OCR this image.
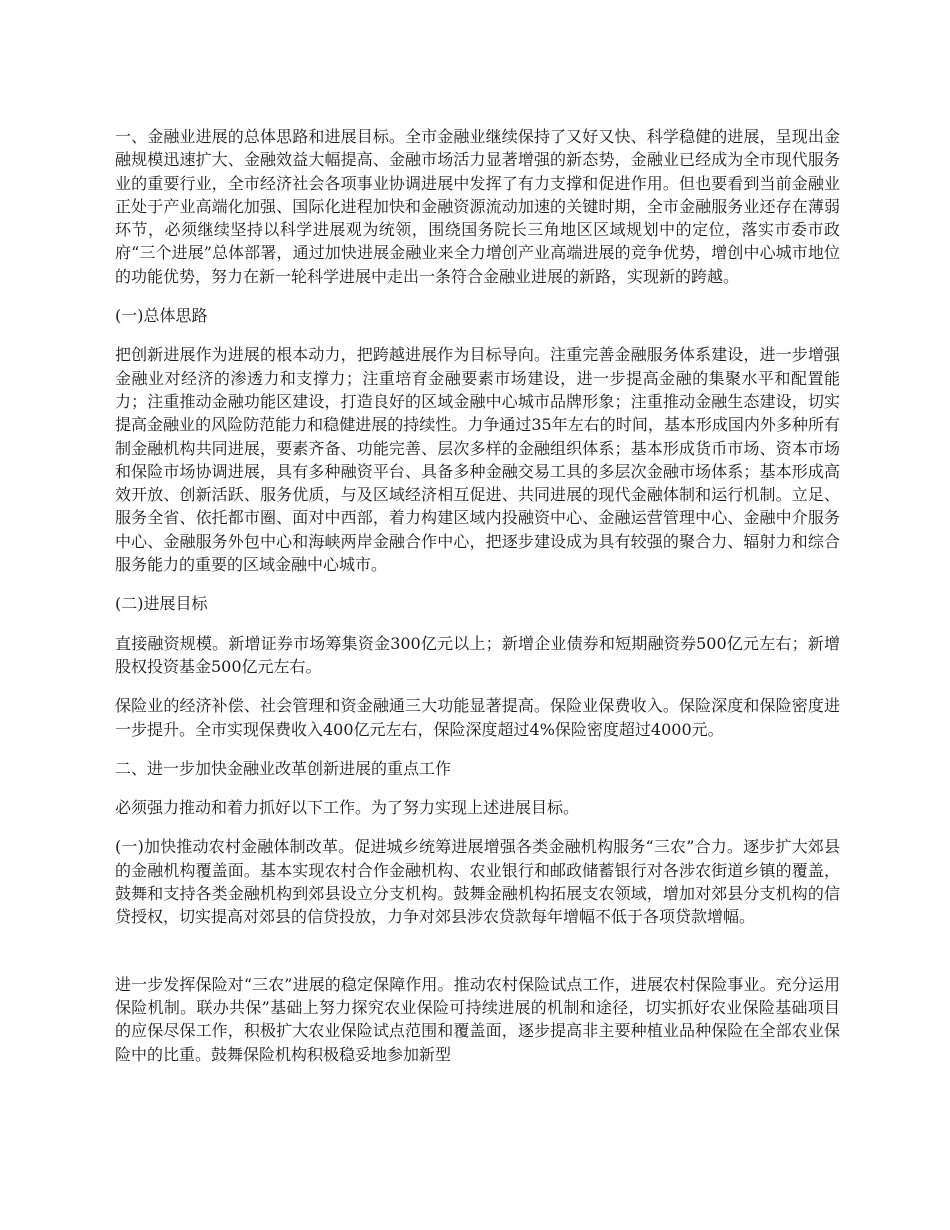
一、金融业进展的总体思路和进展目标。全市金融业继续保持了又好又快、科学稳健的进展，呈现出金融规模迅速扩大、金融效益大幅提高、金融市场活力显著增强的新态势，金融业已经成为全市现代服务业的重要行业，全市经济社会各项事业协调进展中发挥了有力支撑和促进作用。但也要看到当前金融业正处于产业高端化加强、国际化进程加快和金融资源流动加速的关键时期，全市金融服务业还存在薄弱环节，必须继续坚持以科学进展观为统领，围绕国务院长三角地区区域规划中的定位，落实市委市政府“三个进展”总体部署，通过加快进展金融业来全力增创产业高端进展的竞争优势，增创中心城市地位的功能优势，努力在新一轮科学进展中走出一条符合金融业进展的新路，实现新的跨越。

(一)总体思路

把创新进展作为进展的根本动力，把跨越进展作为目标导向。注重完善金融服务体系建设，进一步增强金融业对经济的渗透力和支撑力；注重培育金融要素市场建设，进一步提高金融的集聚水平和配置能力；注重推动金融功能区建设，打造良好的区域金融中心城市品牌形象；注重推动金融生态建设，切实提高金融业的风险防范能力和稳健进展的持续性。力争通过35年左右的时间，基本形成国内外多种所有制金融机构共同进展，要素齐备、功能完善、层次多样的金融组织体系；基本形成货币市场、资本市场和保险市场协调进展，具有多种融资平台、具备多种金融交易工具的多层次金融市场体系；基本形成高效开放、创新活跃、服务优质，与及区域经济相互促进、共同进展的现代金融体制和运行机制。立足、服务全省、依托都市圈、面对中西部，着力构建区域内投融资中心、金融运营管理中心、金融中介服务中心、金融服务外包中心和海峡两岸金融合作中心，把逐步建设成为具有较强的聚合力、辐射力和综合服务能力的重要的区域金融中心城市。

(二)进展目标

直接融资规模。新增证券市场筹集资金300亿元以上；新增企业债券和短期融资券500亿元左右；新增股权投资基金500亿元左右。

保险业的经济补偿、社会管理和资金融通三大功能显著提高。保险业保费收入。保险深度和保险密度进一步提升。全市实现保费收入400亿元左右，保险深度超过4%保险密度超过4000元。

二、进一步加快金融业改革创新进展的重点工作

必须强力推动和着力抓好以下工作。为了努力实现上述进展目标。

(一)加快推动农村金融体制改革。促进城乡统筹进展增强各类金融机构服务“三农”合力。逐步扩大郊县的金融机构覆盖面。基本实现农村合作金融机构、农业银行和邮政储蓄银行对各涉农街道乡镇的覆盖，鼓舞和支持各类金融机构到郊县设立分支机构。鼓舞金融机构拓展支农领域，增加对郊县分支机构的信贷授权，切实提高对郊县的信贷投放，力争对郊县涉农贷款每年增幅不低于各项贷款增幅。

进一步发挥保险对“三农”进展的稳定保障作用。推动农村保险试点工作，进展农村保险事业。充分运用保险机制。联办共保”基础上努力探究农业保险可持续进展的机制和途径，切实抓好农业保险基础项目的应保尽保工作，积极扩大农业保险试点范围和覆盖面，逐步提高非主要种植业品种保险在全部农业保险中的比重。鼓舞保险机构积极稳妥地参加新型
